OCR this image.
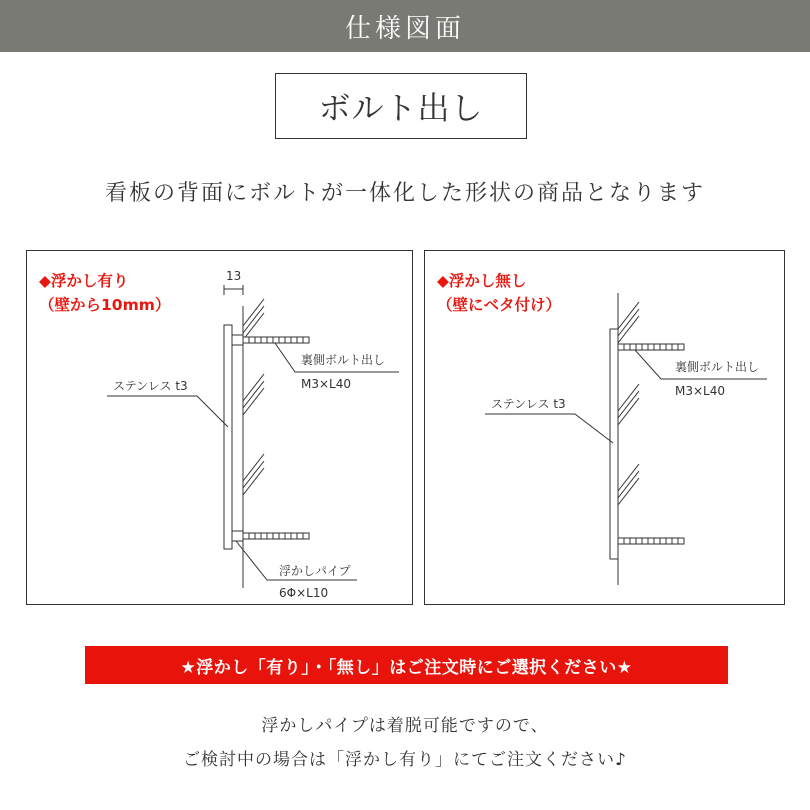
仕様図面
ボルト出し
看板の背面にボルトが一体化した形状の商品となります
◆浮かし有り
（壁から10mm）
13
裏側ボルト出し
M3×L40
ステンレス t3
浮かしパイプ
6Φ×L10
◆浮かし無し
（壁にベタ付け）
裏側ボルト出し
M3×L40
ステンレス t3
★浮かし「有り」・「無し」はご注文時にご選択ください★
浮かしパイプは着脱可能ですので、
ご検討中の場合は「浮かし有り」にてご注文ください♪
